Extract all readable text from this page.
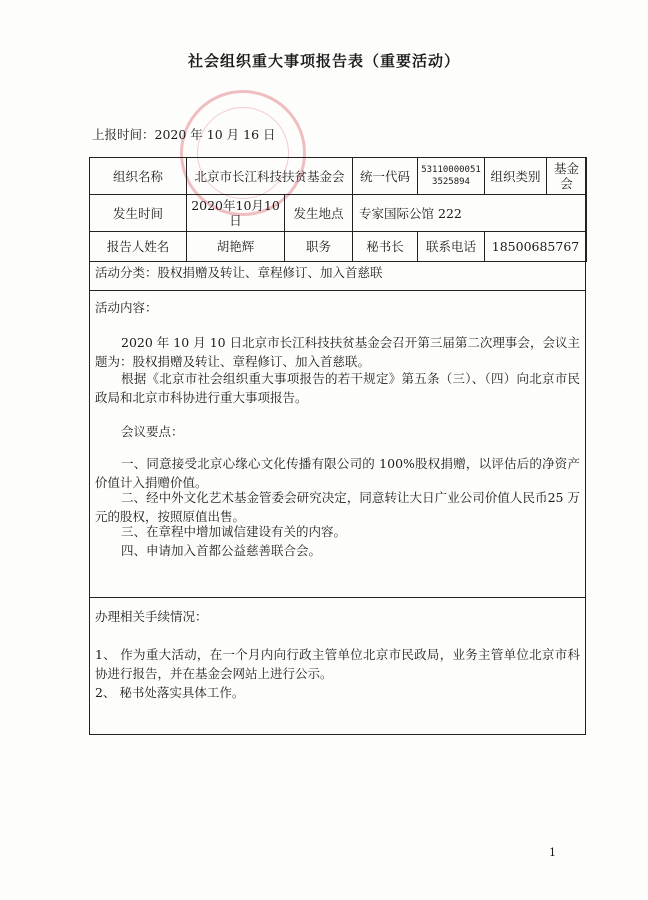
社会组织重大事项报告表（重要活动）
上报时间：2020 年 10 月 16 日
组织名称	北京市长江科技扶贫基金会		统一代码	53110000051 3525894	组织类别	基金会
发生时间	2020年10月10日	发生地点	专家国际公馆 222			
报告人姓名	胡艳辉	职务	秘书长	联系电话	18500685767	
活动分类：股权捐赠及转让、章程修订、加入首慈联
活动内容：
2020 年 10 月 10 日北京市长江科技扶贫基金会召开第三届第二次理事会，会议主题为：股权捐赠及转让、章程修订、加入首慈联。
根据《北京市社会组织重大事项报告的若干规定》第五条（三）、（四）向北京市民政局和北京市科协进行重大事项报告。
会议要点：
一、同意接受北京心缘心文化传播有限公司的 100%股权捐赠，以评估后的净资产价值计入捐赠价值。
二、经中外文化艺术基金管委会研究决定，同意转让大日广业公司价值人民币25 万元的股权，按照原值出售。
三、在章程中增加诚信建设有关的内容。
四、申请加入首都公益慈善联合会。
办理相关手续情况：
1、 作为重大活动，在一个月内向行政主管单位北京市民政局，业务主管单位北京市科协进行报告，并在基金会网站上进行公示。
2、 秘书处落实具体工作。
1
